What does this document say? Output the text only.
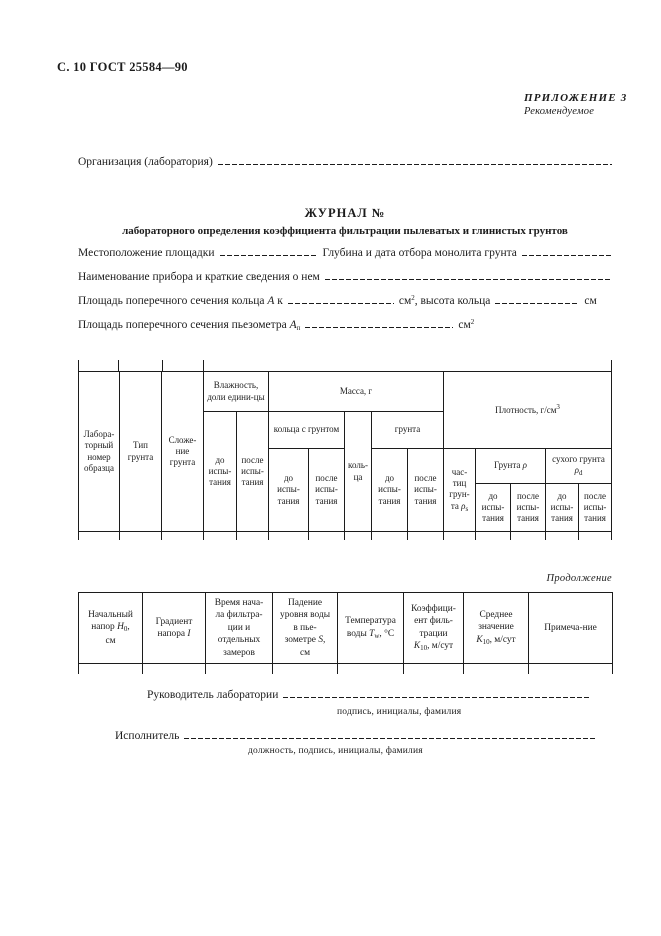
С. 10 ГОСТ 25584—90
ПРИЛОЖЕНИЕ 3
Рекомендуемое
Организация (лаборатория)
ЖУРНАЛ №
лабораторного определения коэффициента фильтрации пылеватых и глинистых грунтов
Местоположение площадки	Глубина и дата отбора монолита грунта
Наименование прибора и краткие сведения о нем
Площадь поперечного сечения кольца А к	$см^2$, высота кольца	см
Площадь поперечного сечения пьезометра $А_п$	$см^2$
Лабора-торный номер образца	Тип грунта	Сложе-ние грунта	Влажность, доли едини-цы		Масса, г					Плотность, $г/см^3$
			до испы-тания	после испы-тания	кольца с грунтом		коль-ца	грунта						
					до испы-тания	после испы-тания		до испы-тания	после испы-тания	час-тиц грун-та $\rho_s$	Грунта ρ		сухого грунта $\rho_d$
											до испы-тания	после испы-тания	до испы-тания	после испы-тания

Продолжение
Начальный напор $Н_0$, см	Градиент напора I	Время нача-ла фильтра-ции и отдельных замеров	Падение уровня воды в пье-зометре S, см	Температу​ра воды $Т_w$, °С	Коэффици-ент филь-трации $К_{10}$, м/сут	Среднее значение $К_{10}$, м/сут	Примеча-ние

Руководитель лаборатории
подпись, инициалы, фамилия
Исполнитель
должность, подпись, инициалы, фамилия
